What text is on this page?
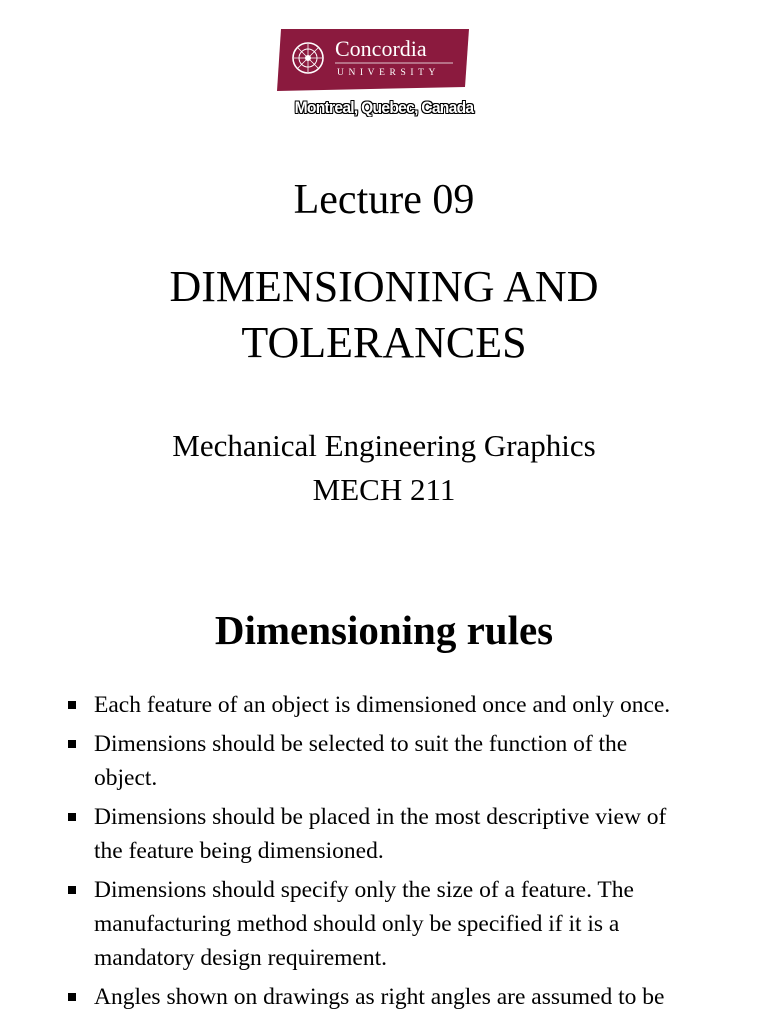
Concordia
UNIVERSITY
Montreal, Quebec, Canada
Lecture 09
DIMENSIONING AND
TOLERANCES
Mechanical Engineering Graphics
MECH 211
Dimensioning rules
Each feature of an object is dimensioned once and only once.
Dimensions should be selected to suit the function of the
object.
Dimensions should be placed in the most descriptive view of
the feature being dimensioned.
Dimensions should specify only the size of a feature. The
manufacturing method should only be specified if it is a
mandatory design requirement.
Angles shown on drawings as right angles are assumed to be
